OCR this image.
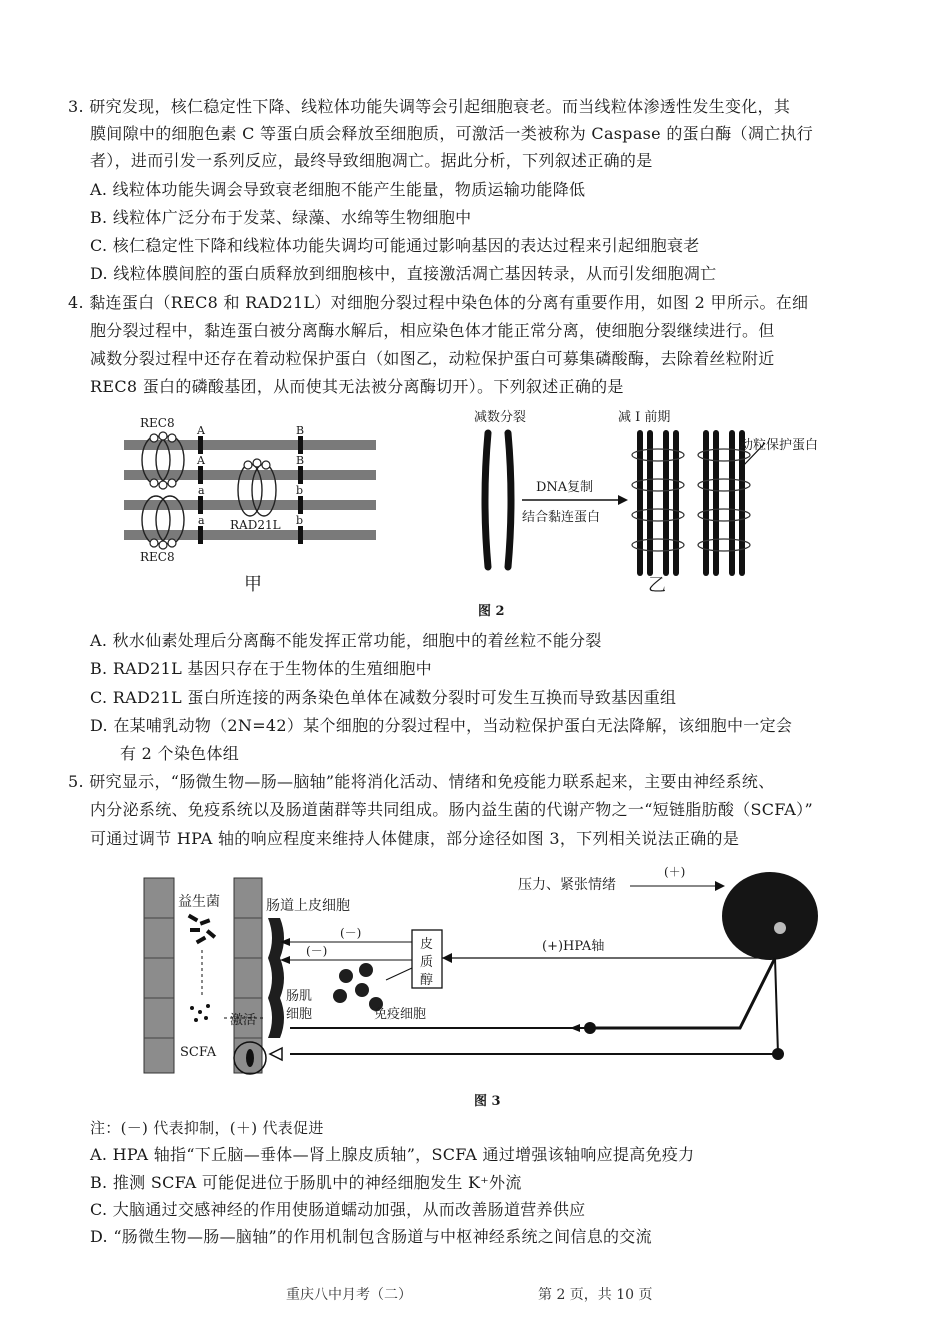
3. 研究发现，核仁稳定性下降、线粒体功能失调等会引起细胞衰老。而当线粒体渗透性发生变化，其
膜间隙中的细胞色素 C 等蛋白质会释放至细胞质，可激活一类被称为 Caspase 的蛋白酶（凋亡执行
者），进而引发一系列反应，最终导致细胞凋亡。据此分析，下列叙述正确的是
A. 线粒体功能失调会导致衰老细胞不能产生能量，物质运输功能降低
B. 线粒体广泛分布于发菜、绿藻、水绵等生物细胞中
C. 核仁稳定性下降和线粒体功能失调均可能通过影响基因的表达过程来引起细胞衰老
D. 线粒体膜间腔的蛋白质释放到细胞核中，直接激活凋亡基因转录，从而引发细胞凋亡
4. 黏连蛋白（REC8 和 RAD21L）对细胞分裂过程中染色体的分离有重要作用，如图 2 甲所示。在细
胞分裂过程中，黏连蛋白被分离酶水解后，相应染色体才能正常分离，使细胞分裂继续进行。但
减数分裂过程中还存在着动粒保护蛋白（如图乙，动粒保护蛋白可募集磷酸酶，去除着丝粒附近
REC8 蛋白的磷酸基团，从而使其无法被分离酶切开）。下列叙述正确的是
REC8
REC8
RAD21L
A
A
a
a
B
B
b
b
甲
减数分裂	减 Ⅰ 前期
DNA复制
结合黏连蛋白
动粒保护蛋白
乙
图 2
A. 秋水仙素处理后分离酶不能发挥正常功能，细胞中的着丝粒不能分裂
B. RAD21L 基因只存在于生物体的生殖细胞中
C. RAD21L 蛋白所连接的两条染色单体在减数分裂时可发生互换而导致基因重组
D. 在某哺乳动物（2N=42）某个细胞的分裂过程中，当动粒保护蛋白无法降解，该细胞中一定会
有 2 个染色体组
5. 研究显示，“肠微生物—肠—脑轴”能将消化活动、情绪和免疫能力联系起来，主要由神经系统、
内分泌系统、免疫系统以及肠道菌群等共同组成。肠内益生菌的代谢产物之一“短链脂肪酸（SCFA）”
可通过调节 HPA 轴的响应程度来维持人体健康，部分途径如图 3，下列相关说法正确的是
益生菌
SCFA
肠道上皮细胞
激活
肠肌
细胞	免疫细胞
皮
质
醇
(－)
(－)	(+)HPA轴
压力、紧张情绪
(＋)
图 3
注：(－) 代表抑制，(＋) 代表促进
A. HPA 轴指“下丘脑—垂体—肾上腺皮质轴”，SCFA 通过增强该轴响应提高免疫力
B. 推测 SCFA 可能促进位于肠肌中的神经细胞发生 K⁺外流
C. 大脑通过交感神经的作用使肠道蠕动加强，从而改善肠道营养供应
D. “肠微生物—肠—脑轴”的作用机制包含肠道与中枢神经系统之间信息的交流
重庆八中月考（二）	第 2 页，共 10 页
